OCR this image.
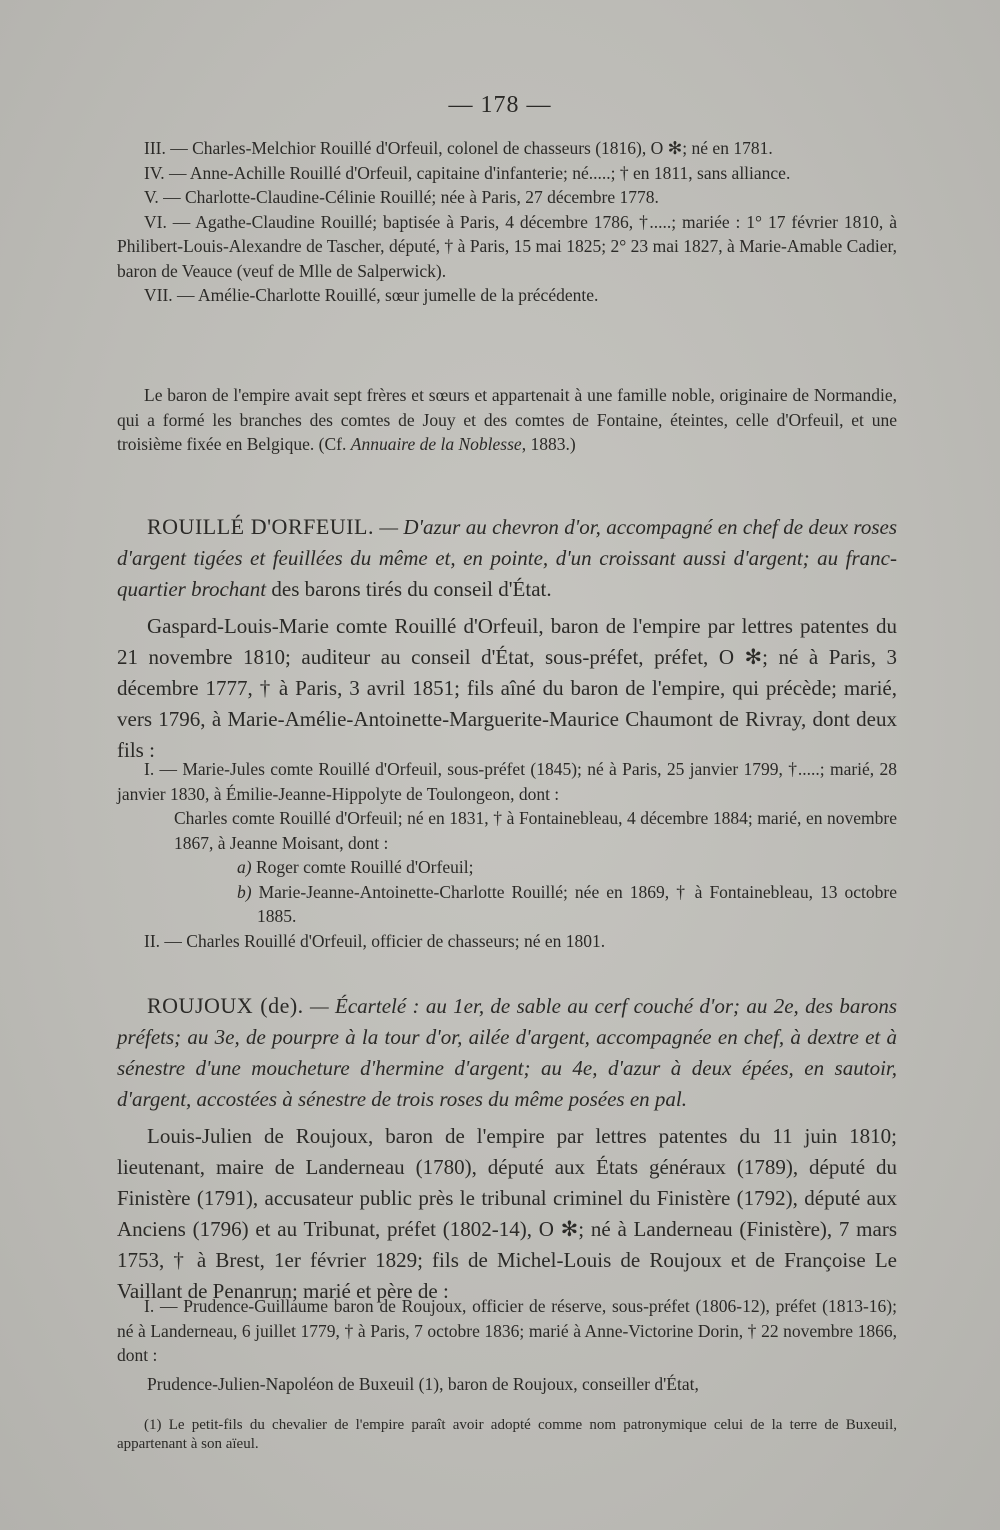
— 178 —

III. — Charles-Melchior Rouillé d'Orfeuil, colonel de chasseurs (1816), O ✻; né en 1781.

IV. — Anne-Achille Rouillé d'Orfeuil, capitaine d'infanterie; né.....; † en 1811, sans alliance.

V. — Charlotte-Claudine-Célinie Rouillé; née à Paris, 27 décembre 1778.

VI. — Agathe-Claudine Rouillé; baptisée à Paris, 4 décembre 1786, †.....; mariée : 1° 17 février 1810, à Philibert-Louis-Alexandre de Tascher, député, † à Paris, 15 mai 1825; 2° 23 mai 1827, à Marie-Amable Cadier, baron de Veauce (veuf de Mlle de Salperwick).

VII. — Amélie-Charlotte Rouillé, sœur jumelle de la précédente.

Le baron de l'empire avait sept frères et sœurs et appartenait à une famille noble, originaire de Normandie, qui a formé les branches des comtes de Jouy et des comtes de Fontaine, éteintes, celle d'Orfeuil, et une troisième fixée en Belgique. (Cf. Annuaire de la Noblesse, 1883.)

ROUILLÉ D'ORFEUIL. — D'azur au chevron d'or, accompagné en chef de deux roses d'argent tigées et feuillées du même et, en pointe, d'un croissant aussi d'argent; au franc-quartier brochant des barons tirés du conseil d'État.

Gaspard-Louis-Marie comte Rouillé d'Orfeuil, baron de l'empire par lettres patentes du 21 novembre 1810; auditeur au conseil d'État, sous-préfet, préfet, O ✻; né à Paris, 3 décembre 1777, † à Paris, 3 avril 1851; fils aîné du baron de l'empire, qui précède; marié, vers 1796, à Marie-Amélie-Antoinette-Marguerite-Maurice Chaumont de Rivray, dont deux fils :

I. — Marie-Jules comte Rouillé d'Orfeuil, sous-préfet (1845); né à Paris, 25 janvier 1799, †.....; marié, 28 janvier 1830, à Émilie-Jeanne-Hippolyte de Toulongeon, dont :

Charles comte Rouillé d'Orfeuil; né en 1831, † à Fontainebleau, 4 décembre 1884; marié, en novembre 1867, à Jeanne Moisant, dont :

a) Roger comte Rouillé d'Orfeuil;

b) Marie-Jeanne-Antoinette-Charlotte Rouillé; née en 1869, † à Fontainebleau, 13 octobre 1885.

II. — Charles Rouillé d'Orfeuil, officier de chasseurs; né en 1801.

ROUJOUX (de). — Écartelé : au 1er, de sable au cerf couché d'or; au 2e, des barons préfets; au 3e, de pourpre à la tour d'or, ailée d'argent, accompagnée en chef, à dextre et à sénestre d'une moucheture d'hermine d'argent; au 4e, d'azur à deux épées, en sautoir, d'argent, accostées à sénestre de trois roses du même posées en pal.

Louis-Julien de Roujoux, baron de l'empire par lettres patentes du 11 juin 1810; lieutenant, maire de Landerneau (1780), député aux États généraux (1789), député du Finistère (1791), accusateur public près le tribunal criminel du Finistère (1792), député aux Anciens (1796) et au Tribunat, préfet (1802-14), O ✻; né à Landerneau (Finistère), 7 mars 1753, † à Brest, 1er février 1829; fils de Michel-Louis de Roujoux et de Françoise Le Vaillant de Penanrun; marié et père de :

I. — Prudence-Guillaume baron de Roujoux, officier de réserve, sous-préfet (1806-12), préfet (1813-16); né à Landerneau, 6 juillet 1779, † à Paris, 7 octobre 1836; marié à Anne-Victorine Dorin, † 22 novembre 1866, dont :

Prudence-Julien-Napoléon de Buxeuil (1), baron de Roujoux, conseiller d'État,

(1) Le petit-fils du chevalier de l'empire paraît avoir adopté comme nom patronymique celui de la terre de Buxeuil, appartenant à son aïeul.
